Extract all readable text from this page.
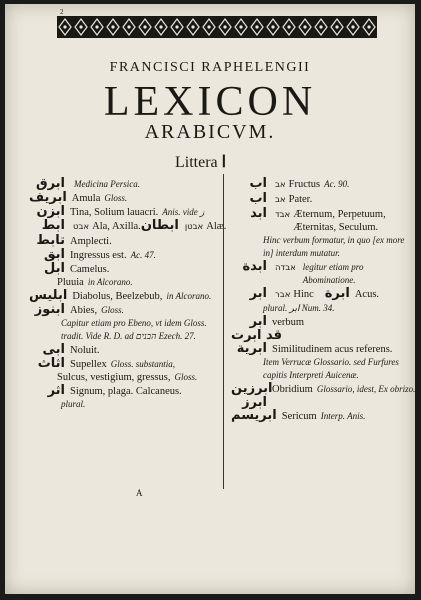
2
FRANCISCI RAPHELENGII
LEXICON
ARABICVM.
Littera ا
ابرق Medicina Persica.
ابريف Amula Gloss.
ابزن Tina, Solium lauacri. Anis. vide ﺯ
ابط אבט Ala, Axilla. ابطان אבטן Alæ.
تابط Amplecti.
ابق Ingressus est. Ac. 47.
ابل Camelus.
Pluuia in Alcorano.
ابليس Diabolus, Beelzebub, in Alcorano.
ابنوز Abies, Gloss.
Capitur etiam pro Ebeno, vt idem Gloss. tradit. Vide R. D. ad הבנים Ezech. 27.
ابى Noluit.
اثاث Supellex Gloss. substantia,
Sulcus, vestigium, gressus, Gloss.
اثر Signum, plaga. Calcaneus.
plural.
اب אב Fructus Ac. 90.
اب אב Pater.
ابد אבד Æternum, Perpetuum, Æternitas, Seculum.
Hinc verbum formatur, in quo [ex more in] interdum mutatur.
ابدة אבדה legitur etiam pro Abominatione.
ابر אבר Hinc ابرة Acus.
plural. ابر Num. 34.
ابر verbum
قد ابرت
ابرية Similitudinem acus referens.
Item Verrucæ Glossario. sed Furfures capitis Interpreti Auicenæ.
ابرزين Obridium Glossario, idest, Ex obrizo.
ابرز
ابريسم Sericum Interp. Anis.
A
